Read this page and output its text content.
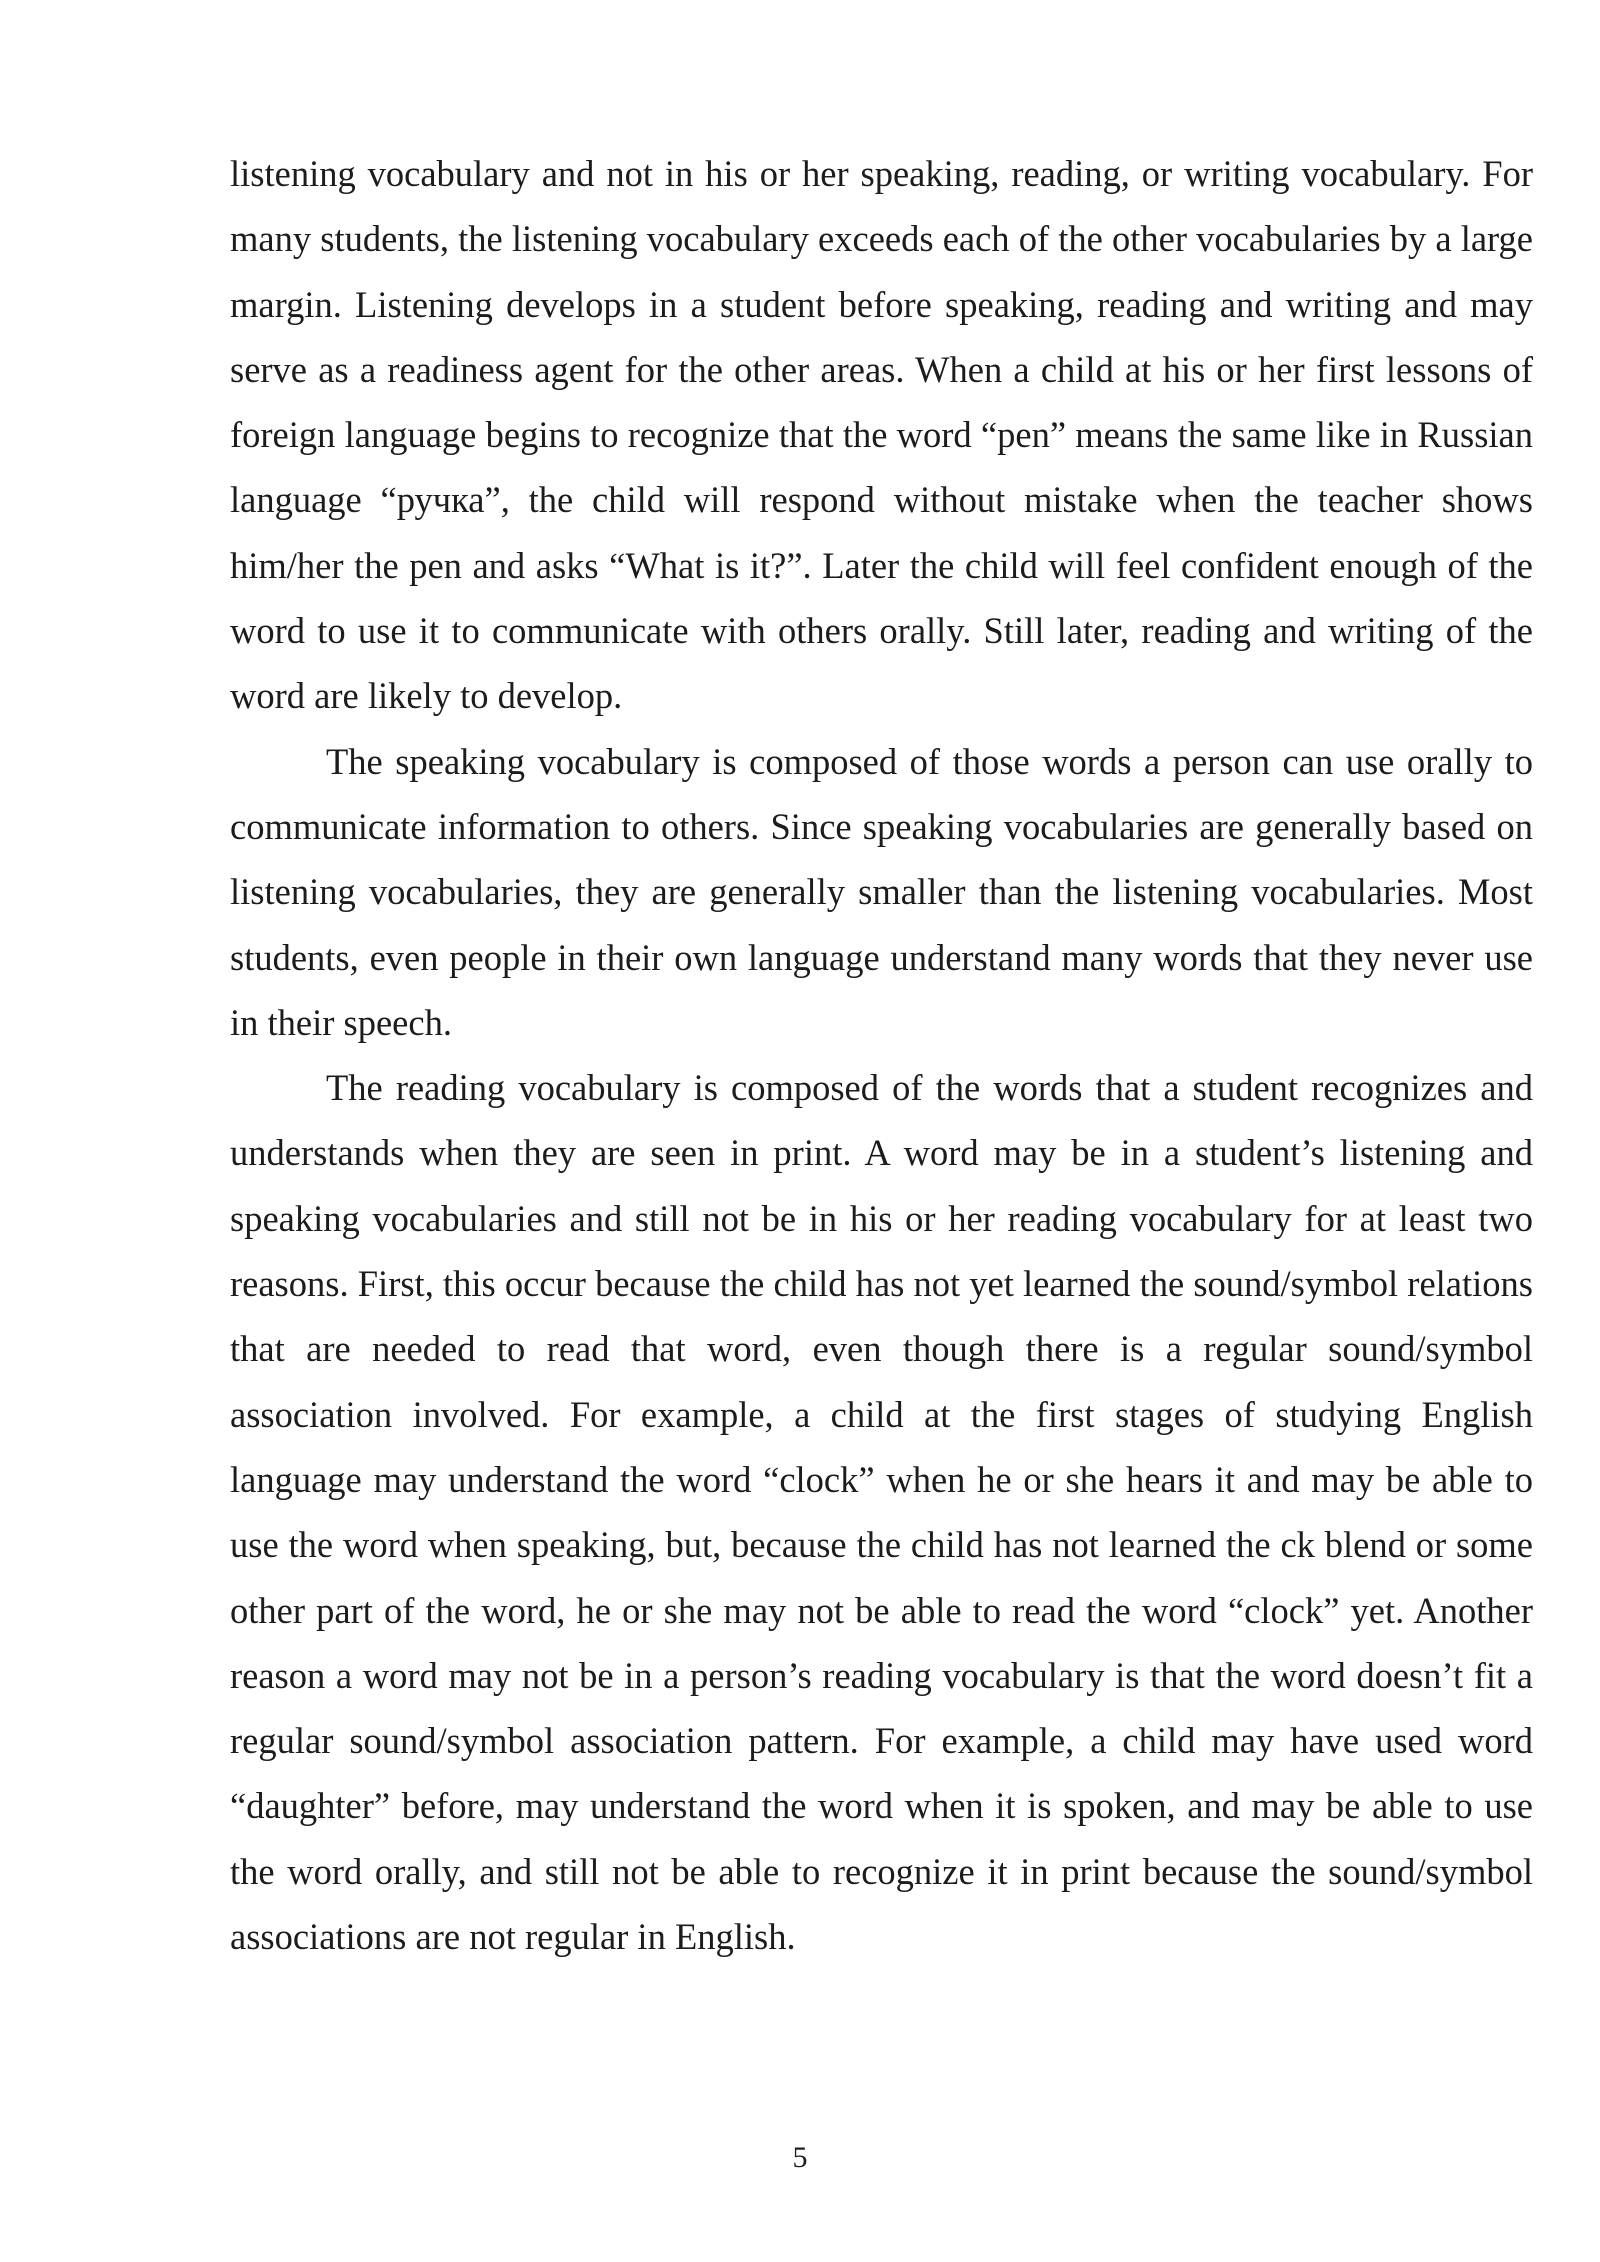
listening vocabulary and not in his or her speaking, reading, or writing vocabulary. For many students, the listening vocabulary exceeds each of the other vocabularies by a large margin. Listening develops in a student before speaking, reading and writing and may serve as a readiness agent for the other areas. When a child at his or her first lessons of foreign language begins to recognize that the word “pen” means the same like in Russian language “ручка”, the child will respond without mistake when the teacher shows him/her the pen and asks “What is it?”. Later the child will feel confident enough of the word to use it to communicate with others orally. Still later, reading and writing of the word are likely to develop.

The speaking vocabulary is composed of those words a person can use orally to communicate information to others. Since speaking vocabularies are generally based on listening vocabularies, they are generally smaller than the listening vocabularies. Most students, even people in their own language understand many words that they never use in their speech.

The reading vocabulary is composed of the words that a student recognizes and understands when they are seen in print. A word may be in a student’s listening and speaking vocabularies and still not be in his or her reading vocabulary for at least two reasons. First, this occur because the child has not yet learned the sound/symbol relations that are needed to read that word, even though there is a regular sound/symbol association involved. For example, a child at the first stages of studying English language may understand the word “clock” when he or she hears it and may be able to use the word when speaking, but, because the child has not learned the ck blend or some other part of the word, he or she may not be able to read the word “clock” yet. Another reason a word may not be in a person’s reading vocabulary is that the word doesn’t fit a regular sound/symbol association pattern. For example, a child may have used word “daughter” before, may understand the word when it is spoken, and may be able to use the word orally, and still not be able to recognize it in print because the sound/symbol associations are not regular in English.

5
